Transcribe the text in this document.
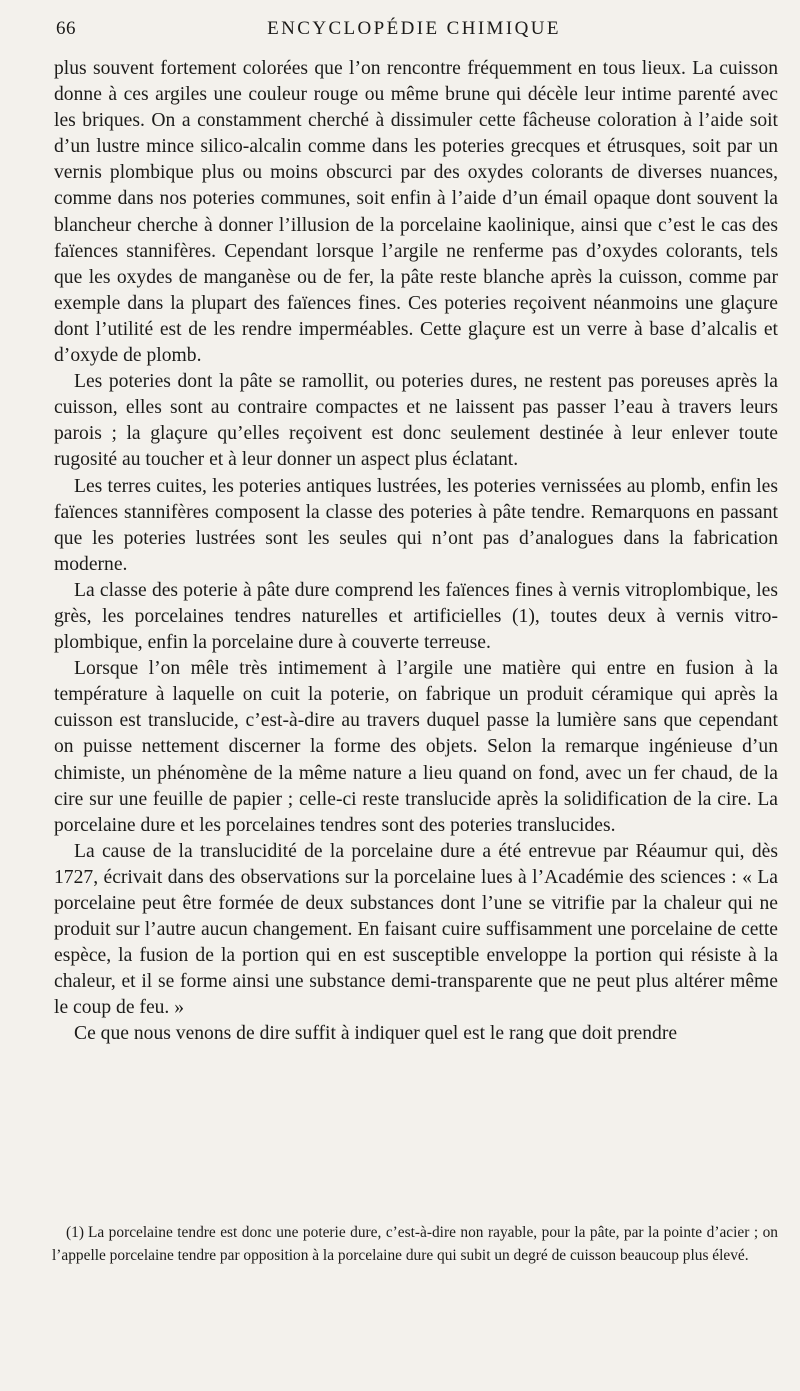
66	ENCYCLOPÉDIE CHIMIQUE

plus souvent fortement colorées que l’on rencontre fréquemment en tous lieux. La cuisson donne à ces argiles une couleur rouge ou même brune qui décèle leur intime parenté avec les briques. On a constamment cherché à dissimuler cette fâcheuse coloration à l’aide soit d’un lustre mince silico-alcalin comme dans les poteries grecques et étrusques, soit par un vernis plombique plus ou moins obscurci par des oxydes colorants de diverses nuances, comme dans nos poteries communes, soit enfin à l’aide d’un émail opaque dont souvent la blancheur cherche à donner l’illusion de la porcelaine kaolinique, ainsi que c’est le cas des faïences stannifères. Cependant lorsque l’argile ne renferme pas d’oxydes colorants, tels que les oxydes de manganèse ou de fer, la pâte reste blanche après la cuisson, comme par exemple dans la plupart des faïences fines. Ces poteries reçoivent néanmoins une glaçure dont l’utilité est de les rendre imperméables. Cette glaçure est un verre à base d’alcalis et d’oxyde de plomb.

Les poteries dont la pâte se ramollit, ou poteries dures, ne restent pas poreuses après la cuisson, elles sont au contraire compactes et ne laissent pas passer l’eau à travers leurs parois ; la glaçure qu’elles reçoivent est donc seulement destinée à leur enlever toute rugosité au toucher et à leur donner un aspect plus éclatant.

Les terres cuites, les poteries antiques lustrées, les poteries vernissées au plomb, enfin les faïences stannifères composent la classe des poteries à pâte tendre. Remarquons en passant que les poteries lustrées sont les seules qui n’ont pas d’analogues dans la fabrication moderne.

La classe des poterie à pâte dure comprend les faïences fines à vernis vitroplombique, les grès, les porcelaines tendres naturelles et artificielles (1), toutes deux à vernis vitro-plombique, enfin la porcelaine dure à couverte terreuse.

Lorsque l’on mêle très intimement à l’argile une matière qui entre en fusion à la température à laquelle on cuit la poterie, on fabrique un produit céramique qui après la cuisson est translucide, c’est-à-dire au travers duquel passe la lumière sans que cependant on puisse nettement discerner la forme des objets. Selon la remarque ingénieuse d’un chimiste, un phénomène de la même nature a lieu quand on fond, avec un fer chaud, de la cire sur une feuille de papier ; celle-ci reste translucide après la solidification de la cire. La porcelaine dure et les porcelaines tendres sont des poteries translucides.

La cause de la translucidité de la porcelaine dure a été entrevue par Réaumur qui, dès 1727, écrivait dans des observations sur la porcelaine lues à l’Académie des sciences : « La porcelaine peut être formée de deux substances dont l’une se vitrifie par la chaleur qui ne produit sur l’autre aucun changement. En faisant cuire suffisamment une porcelaine de cette espèce, la fusion de la portion qui en est susceptible enveloppe la portion qui résiste à la chaleur, et il se forme ainsi une substance demi-transparente que ne peut plus altérer même le coup de feu. »

Ce que nous venons de dire suffit à indiquer quel est le rang que doit prendre

(1) La porcelaine tendre est donc une poterie dure, c’est-à-dire non rayable, pour la pâte, par la pointe d’acier ; on l’appelle porcelaine tendre par opposition à la porcelaine dure qui subit un degré de cuisson beaucoup plus élevé.
